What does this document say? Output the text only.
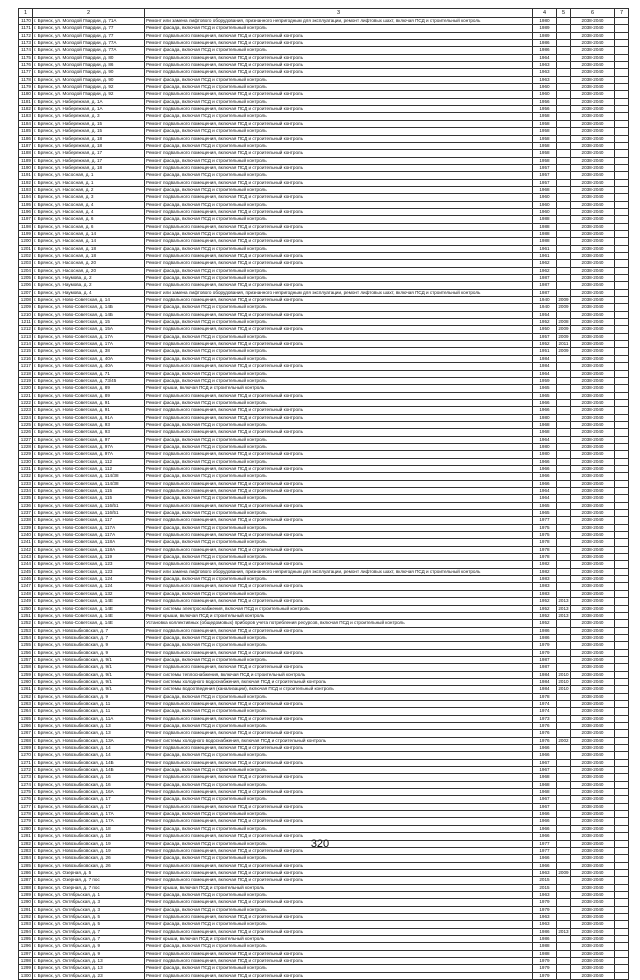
1	2	3	4	5	6	7
1170	г. Брянск, ул. Молодой Гвардии, д. 71А	Ремонт или замена лифтового оборудования, признанного непригодным для эксплуатации, ремонт лифтовых шахт, включая ПСД и строительный контроль	1980		2038-2040	
1171	г. Брянск, ул. Молодой Гвардии, д. 77	Ремонт фасада, включая ПСД и строительный контроль	1989		2038-2040	
1172	г. Брянск, ул. Молодой Гвардии, д. 77	Ремонт подвального помещения, включая ПСД и строительный контроль	1989		2038-2040	
1173	г. Брянск, ул. Молодой Гвардии, д. 77А	Ремонт подвального помещения, включая ПСД и строительный контроль	1986		2038-2040	
1174	г. Брянск, ул. Молодой Гвардии, д. 77А	Ремонт фасада, включая ПСД и строительный контроль	1986		2038-2040	
1175	г. Брянск, ул. Молодой Гвардии, д. 80	Ремонт подвального помещения, включая ПСД и строительный контроль	1964		2038-2040	
1176	г. Брянск, ул. Молодой Гвардии, д. 86	Ремонт подвального помещения, включая ПСД и строительный контроль	1963		2038-2040	
1177	г. Брянск, ул. Молодой Гвардии, д. 90	Ремонт подвального помещения, включая ПСД и строительный контроль	1963		2038-2040	
1178	г. Брянск, ул. Молодой Гвардии, д. 90	Ремонт фасада, включая ПСД и строительный контроль	1963		2038-2040	
1179	г. Брянск, ул. Молодой Гвардии, д. 92	Ремонт фасада, включая ПСД и строительный контроль	1960		2038-2040	
1180	г. Брянск, ул. Молодой Гвардии, д. 92	Ремонт подвального помещения, включая ПСД и строительный контроль	1960		2038-2040	
1181	г. Брянск, ул. Набережная, д. 1А	Ремонт фасада, включая ПСД и строительный контроль	1956		2038-2040	
1182	г. Брянск, ул. Набережная, д. 1А	Ремонт подвального помещения, включая ПСД и строительный контроль	1956		2038-2040	
1183	г. Брянск, ул. Набережная, д. 3	Ремонт фасада, включая ПСД и строительный контроль	1958		2038-2040	
1184	г. Брянск, ул. Набережная, д. 15	Ремонт подвального помещения, включая ПСД и строительный контроль	1958		2038-2040	
1185	г. Брянск, ул. Набережная, д. 15	Ремонт фасада, включая ПСД и строительный контроль	1958		2038-2040	
1186	г. Брянск, ул. Набережная, д. 18	Ремонт подвального помещения, включая ПСД и строительный контроль	1958		2038-2040	
1187	г. Брянск, ул. Набережная, д. 18	Ремонт фасада, включая ПСД и строительный контроль	1958		2038-2040	
1188	г. Брянск, ул. Набережная, д. 17	Ремонт подвального помещения, включая ПСД и строительный контроль	1958		2038-2040	
1189	г. Брянск, ул. Набережная, д. 17	Ремонт фасада, включая ПСД и строительный контроль	1958		2038-2040	
1190	г. Брянск, ул. Набережная, д. 18	Ремонт подвального помещения, включая ПСД и строительный контроль	1957		2038-2040	
1191	г. Брянск, ул. Насосная, д. 1	Ремонт фасада, включая ПСД и строительный контроль	1957		2038-2040	
1192	г. Брянск, ул. Насосная, д. 1	Ремонт подвального помещения, включая ПСД и строительный контроль	1957		2038-2040	
1193	г. Брянск, ул. Насосная, д. 2	Ремонт фасада, включая ПСД и строительный контроль	1968		2038-2040	
1194	г. Брянск, ул. Насосная, д. 3	Ремонт подвального помещения, включая ПСД и строительный контроль	1960		2038-2040	
1195	г. Брянск, ул. Насосная, д. 4	Ремонт фасада, включая ПСД и строительный контроль	1960		2038-2040	
1196	г. Брянск, ул. Насосная, д. 4	Ремонт подвального помещения, включая ПСД и строительный контроль	1960		2038-2040	
1197	г. Брянск, ул. Насосная, д. 6	Ремонт фасада, включая ПСД и строительный контроль	1988		2038-2040	
1198	г. Брянск, ул. Насосная, д. 6	Ремонт подвального помещения, включая ПСД и строительный контроль	1988		2038-2040	
1199	г. Брянск, ул. Насосная, д. 14	Ремонт фасада, включая ПСД и строительный контроль	1988		2038-2040	
1200	г. Брянск, ул. Насосная, д. 14	Ремонт подвального помещения, включая ПСД и строительный контроль	1988		2038-2040	
1201	г. Брянск, ул. Насосная, д. 18	Ремонт фасада, включая ПСД и строительный контроль	1961		2038-2040	
1202	г. Брянск, ул. Насосная, д. 18	Ремонт подвального помещения, включая ПСД и строительный контроль	1961		2038-2040	
1203	г. Брянск, ул. Насосная, д. 20	Ремонт подвального помещения, включая ПСД и строительный контроль	1962		2038-2040	
1204	г. Брянск, ул. Насосная, д. 20	Ремонт фасада, включая ПСД и строительный контроль	1962		2038-2040	
1205	г. Брянск, ул. Наумова, д. 2	Ремонт фасада, включая ПСД и строительный контроль	1987		2038-2040	
1206	г. Брянск, ул. Наумова, д. 2	Ремонт подвального помещения, включая ПСД и строительный контроль	1987		2038-2040	
1207	г. Брянск, ул. Наумова, д. 4	Ремонт или замена лифтового оборудования, признанного непригодным для эксплуатации, ремонт лифтовых шахт, включая ПСД и строительный контроль	1987		2038-2040	
1208	г. Брянск, ул. Ново-Советская, д. 14	Ремонт подвального помещения, включая ПСД и строительный контроль	1940	2009	2038-2040	
1209	г. Брянск, ул. Ново-Советская, д. 14Б	Ремонт фасада, включая ПСД и строительный контроль	1940	2009	2038-2040	
1210	г. Брянск, ул. Ново-Советская, д. 14Б	Ремонт подвального помещения, включая ПСД и строительный контроль	1954		2038-2040	
1211	г. Брянск, ул. Ново-Советская, д. 15	Ремонт фасада, включая ПСД и строительный контроль	1952	2008	2038-2040	
1212	г. Брянск, ул. Ново-Советская, д. 15А	Ремонт подвального помещения, включая ПСД и строительный контроль	1950	2009	2038-2040	
1213	г. Брянск, ул. Ново-Советская, д. 17А	Ремонт фасада, включая ПСД и строительный контроль	1957	2009	2038-2040	
1214	г. Брянск, ул. Ново-Советская, д. 17А	Ремонт подвального помещения, включая ПСД и строительный контроль	1952	2011	2038-2040	
1215	г. Брянск, ул. Ново-Советская, д. 38	Ремонт фасада, включая ПСД и строительный контроль	1951	2009	2038-2040	
1216	г. Брянск, ул. Ново-Советская, д. 40А	Ремонт фасада, включая ПСД и строительный контроль	1984		2038-2040	
1217	г. Брянск, ул. Ново-Советская, д. 40А	Ремонт подвального помещения, включая ПСД и строительный контроль	1984		2038-2040	
1218	г. Брянск, ул. Ново-Советская, д. 71	Ремонт фасада, включая ПСД и строительный контроль	1964		2038-2040	
1219	г. Брянск, ул. Ново-Советская, д. 73/45	Ремонт фасада, включая ПСД и строительный контроль	1959		2038-2040	
1220	г. Брянск, ул. Ново-Советская, д. 89	Ремонт крыши, включая ПСД и строительный контроль	1965		2038-2040	
1221	г. Брянск, ул. Ново-Советская, д. 89	Ремонт подвального помещения, включая ПСД и строительный контроль	1965		2038-2040	
1222	г. Брянск, ул. Ново-Советская, д. 91	Ремонт фасада, включая ПСД и строительный контроль	1966		2038-2040	
1223	г. Брянск, ул. Ново-Советская, д. 91	Ремонт подвального помещения, включая ПСД и строительный контроль	1966		2038-2040	
1224	г. Брянск, ул. Ново-Советская, д. 91А	Ремонт подвального помещения, включая ПСД и строительный контроль	1980		2038-2040	
1225	г. Брянск, ул. Ново-Советская, д. 93	Ремонт фасада, включая ПСД и строительный контроль	1968		2038-2040	
1226	г. Брянск, ул. Ново-Советская, д. 93	Ремонт подвального помещения, включая ПСД и строительный контроль	1968		2038-2040	
1227	г. Брянск, ул. Ново-Советская, д. 97	Ремонт фасада, включая ПСД и строительный контроль	1964		2038-2040	
1228	г. Брянск, ул. Ново-Советская, д. 97А	Ремонт фасада, включая ПСД и строительный контроль	1980		2038-2040	
1229	г. Брянск, ул. Ново-Советская, д. 97А	Ремонт подвального помещения, включая ПСД и строительный контроль	1980		2038-2040	
1230	г. Брянск, ул. Ново-Советская, д. 112	Ремонт фасада, включая ПСД и строительный контроль	1966		2038-2040	
1231	г. Брянск, ул. Ново-Советская, д. 112	Ремонт подвального помещения, включая ПСД и строительный контроль	1966		2038-2040	
1232	г. Брянск, ул. Ново-Советская, д. 114/38	Ремонт фасада, включая ПСД и строительный контроль	1966		2038-2040	
1233	г. Брянск, ул. Ново-Советская, д. 114/38	Ремонт подвального помещения, включая ПСД и строительный контроль	1966		2038-2040	
1234	г. Брянск, ул. Ново-Советская, д. 115	Ремонт подвального помещения, включая ПСД и строительный контроль	1964		2038-2040	
1235	г. Брянск, ул. Ново-Советская, д. 115	Ремонт фасада, включая ПСД и строительный контроль	1964		2038-2040	
1236	г. Брянск, ул. Ново-Советская, д. 116/51	Ремонт подвального помещения, включая ПСД и строительный контроль	1965		2038-2040	
1237	г. Брянск, ул. Ново-Советская, д. 116/51	Ремонт фасада, включая ПСД и строительный контроль	1965		2038-2040	
1238	г. Брянск, ул. Ново-Советская, д. 117	Ремонт подвального помещения, включая ПСД и строительный контроль	1977		2038-2040	
1239	г. Брянск, ул. Ново-Советская, д. 117А	Ремонт фасада, включая ПСД и строительный контроль	1975		2038-2040	
1240	г. Брянск, ул. Ново-Советская, д. 117А	Ремонт подвального помещения, включая ПСД и строительный контроль	1975		2038-2040	
1241	г. Брянск, ул. Ново-Советская, д. 118А	Ремонт фасада, включая ПСД и строительный контроль	1978		2038-2040	
1242	г. Брянск, ул. Ново-Советская, д. 118А	Ремонт подвального помещения, включая ПСД и строительный контроль	1978		2038-2040	
1243	г. Брянск, ул. Ново-Советская, д. 119	Ремонт фасада, включая ПСД и строительный контроль	1978		2038-2040	
1244	г. Брянск, ул. Ново-Советская, д. 123	Ремонт подвального помещения, включая ПСД и строительный контроль	1982		2038-2040	
1245	г. Брянск, ул. Ново-Советская, д. 123	Ремонт или замена лифтового оборудования, признанного непригодным для эксплуатации, ремонт лифтовых шахт, включая ПСД и строительный контроль	1982		2038-2040	
1246	г. Брянск, ул. Ново-Советская, д. 124	Ремонт фасада, включая ПСД и строительный контроль	1983		2038-2040	
1247	г. Брянск, ул. Ново-Советская, д. 124	Ремонт подвального помещения, включая ПСД и строительный контроль	1983		2038-2040	
1248	г. Брянск, ул. Ново-Советская, д. 132	Ремонт фасада, включая ПСД и строительный контроль	1983		2038-2040	
1249	г. Брянск, ул. Ново-Советская, д. 14Е	Ремонт подвального помещения, включая ПСД и строительный контроль	1952	2013	2038-2040	
1250	г. Брянск, ул. Ново-Советская, д. 14Е	Ремонт системы электроснабжения, включая ПСД и строительный контроль	1952	2013	2038-2040	
1251	г. Брянск, ул. Ново-Советская, д. 14Е	Ремонт крыши, включая ПСД и строительный контроль	1952	2013	2038-2040	
1252	г. Брянск, ул. Ново-Советская, д. 14Е	Установка коллективных (общедомовых) приборов учета потребления ресурсов, включая ПСД и строительный контроль	1952		2038-2040	
1253	г. Брянск, ул. Новозыбковская, д. 7	Ремонт подвального помещения, включая ПСД и строительный контроль	1986		2038-2040	
1254	г. Брянск, ул. Новозыбковская, д. 7	Ремонт фасада, включая ПСД и строительный контроль	1986		2038-2040	
1255	г. Брянск, ул. Новозыбковская, д. 9	Ремонт фасада, включая ПСД и строительный контроль	1979		2038-2040	
1256	г. Брянск, ул. Новозыбковская, д. 9	Ремонт подвального помещения, включая ПСД и строительный контроль	1979		2038-2040	
1257	г. Брянск, ул. Новозыбковская, д. 9/1	Ремонт фасада, включая ПСД и строительный контроль	1987		2038-2040	
1258	г. Брянск, ул. Новозыбковская, д. 9/1	Ремонт подвального помещения, включая ПСД и строительный контроль	1987		2038-2040	
1259	г. Брянск, ул. Новозыбковская, д. 9/1	Ремонт системы теплоснабжения, включая ПСД и строительный контроль	1984	2010	2038-2040	
1260	г. Брянск, ул. Новозыбковская, д. 9/1	Ремонт системы холодного водоснабжения, включая ПСД и строительный контроль	1984	2010	2038-2040	
1261	г. Брянск, ул. Новозыбковская, д. 9/1	Ремонт системы водоотведения (канализации), включая ПСД и строительный контроль	1984	2010	2038-2040	
1262	г. Брянск, ул. Новозыбковская, д. 9	Ремонт фасада, включая ПСД и строительный контроль	1978		2038-2040	
1263	г. Брянск, ул. Новозыбковская, д. 11	Ремонт подвального помещения, включая ПСД и строительный контроль	1974		2038-2040	
1264	г. Брянск, ул. Новозыбковская, д. 11	Ремонт фасада, включая ПСД и строительный контроль	1974		2038-2040	
1265	г. Брянск, ул. Новозыбковская, д. 11А	Ремонт подвального помещения, включая ПСД и строительный контроль	1973		2038-2040	
1266	г. Брянск, ул. Новозыбковская, д. 13	Ремонт фасада, включая ПСД и строительный контроль	1976		2038-2040	
1267	г. Брянск, ул. Новозыбковская, д. 13	Ремонт подвального помещения, включая ПСД и строительный контроль	1976		2038-2040	
1268	г. Брянск, ул. Новозыбковская, д. 13А	Ремонт системы холодного водоснабжения, включая ПСД и строительный контроль	1976	2002	2038-2040	
1269	г. Брянск, ул. Новозыбковская, д. 14	Ремонт подвального помещения, включая ПСД и строительный контроль	1966		2038-2040	
1270	г. Брянск, ул. Новозыбковская, д. 14	Ремонт фасада, включая ПСД и строительный контроль	1966		2038-2040	
1271	г. Брянск, ул. Новозыбковская, д. 14Б	Ремонт подвального помещения, включая ПСД и строительный контроль	1967		2038-2040	
1272	г. Брянск, ул. Новозыбковская, д. 14Б	Ремонт фасада, включая ПСД и строительный контроль	1967		2038-2040	
1273	г. Брянск, ул. Новозыбковская, д. 16	Ремонт подвального помещения, включая ПСД и строительный контроль	1968		2038-2040	
1274	г. Брянск, ул. Новозыбковская, д. 16	Ремонт фасада, включая ПСД и строительный контроль	1968		2038-2040	
1275	г. Брянск, ул. Новозыбковская, д. 16А	Ремонт подвального помещения, включая ПСД и строительный контроль	1968		2038-2040	
1276	г. Брянск, ул. Новозыбковская, д. 17	Ремонт фасада, включая ПСД и строительный контроль	1967		2038-2040	
1277	г. Брянск, ул. Новозыбковская, д. 17	Ремонт подвального помещения, включая ПСД и строительный контроль	1967		2038-2040	
1278	г. Брянск, ул. Новозыбковская, д. 17А	Ремонт фасада, включая ПСД и строительный контроль	1966		2038-2040	
1279	г. Брянск, ул. Новозыбковская, д. 17А	Ремонт подвального помещения, включая ПСД и строительный контроль	1966		2038-2040	
1280	г. Брянск, ул. Новозыбковская, д. 18	Ремонт фасада, включая ПСД и строительный контроль	1966		2038-2040	
1281	г. Брянск, ул. Новозыбковская, д. 18	Ремонт подвального помещения, включая ПСД и строительный контроль	1966		2038-2040	
1282	г. Брянск, ул. Новозыбковская, д. 19	Ремонт фасада, включая ПСД и строительный контроль	1977		2038-2040	
1283	г. Брянск, ул. Новозыбковская, д. 19	Ремонт подвального помещения, включая ПСД и строительный контроль	1977		2038-2040	
1284	г. Брянск, ул. Новозыбковская, д. 26	Ремонт фасада, включая ПСД и строительный контроль	1966		2038-2040	
1285	г. Брянск, ул. Новозыбковская, д. 26	Ремонт подвального помещения, включая ПСД и строительный контроль	1966		2038-2040	
1286	г. Брянск, ул. Озерная, д. 5	Ремонт подвального помещения, включая ПСД и строительный контроль	1963	2009	2038-2040	
1287	г. Брянск, ул. Озерная, д. 7 пос	Ремонт подвального помещения, включая ПСД и строительный контроль	2015		2038-2040	
1288	г. Брянск, ул. Озерная, д. 7 пос	Ремонт крыши, включая ПСД и строительный контроль	2015		2038-2040	
1289	г. Брянск, ул. Октябрьская, д. 1	Ремонт фасада, включая ПСД и строительный контроль	1963		2038-2040	
1290	г. Брянск, ул. Октябрьская, д. 3	Ремонт подвального помещения, включая ПСД и строительный контроль	1979		2038-2040	
1291	г. Брянск, ул. Октябрьская, д. 3	Ремонт фасада, включая ПСД и строительный контроль	1979		2038-2040	
1292	г. Брянск, ул. Октябрьская, д. 5	Ремонт подвального помещения, включая ПСД и строительный контроль	1963		2038-2040	
1293	г. Брянск, ул. Октябрьская, д. 5	Ремонт фасада, включая ПСД и строительный контроль	1963		2038-2040	
1294	г. Брянск, ул. Октябрьская, д. 7	Ремонт подвального помещения, включая ПСД и строительный контроль	1986	2013	2038-2040	
1295	г. Брянск, ул. Октябрьская, д. 7	Ремонт крыши, включая ПСД и строительный контроль	1986		2038-2040	
1296	г. Брянск, ул. Октябрьская, д. 9	Ремонт фасада, включая ПСД и строительный контроль	1988		2038-2040	
1297	г. Брянск, ул. Октябрьская, д. 9	Ремонт подвального помещения, включая ПСД и строительный контроль	1988		2038-2040	
1298	г. Брянск, ул. Октябрьская, д. 13	Ремонт подвального помещения, включая ПСД и строительный контроль	1979		2038-2040	
1299	г. Брянск, ул. Октябрьская, д. 13	Ремонт фасада, включая ПСД и строительный контроль	1979		2038-2040	
1300	г. Брянск, ул. Октябрьская, д. 23	Ремонт подвального помещения, включая ПСД и строительный контроль	1979		2038-2040	
320
